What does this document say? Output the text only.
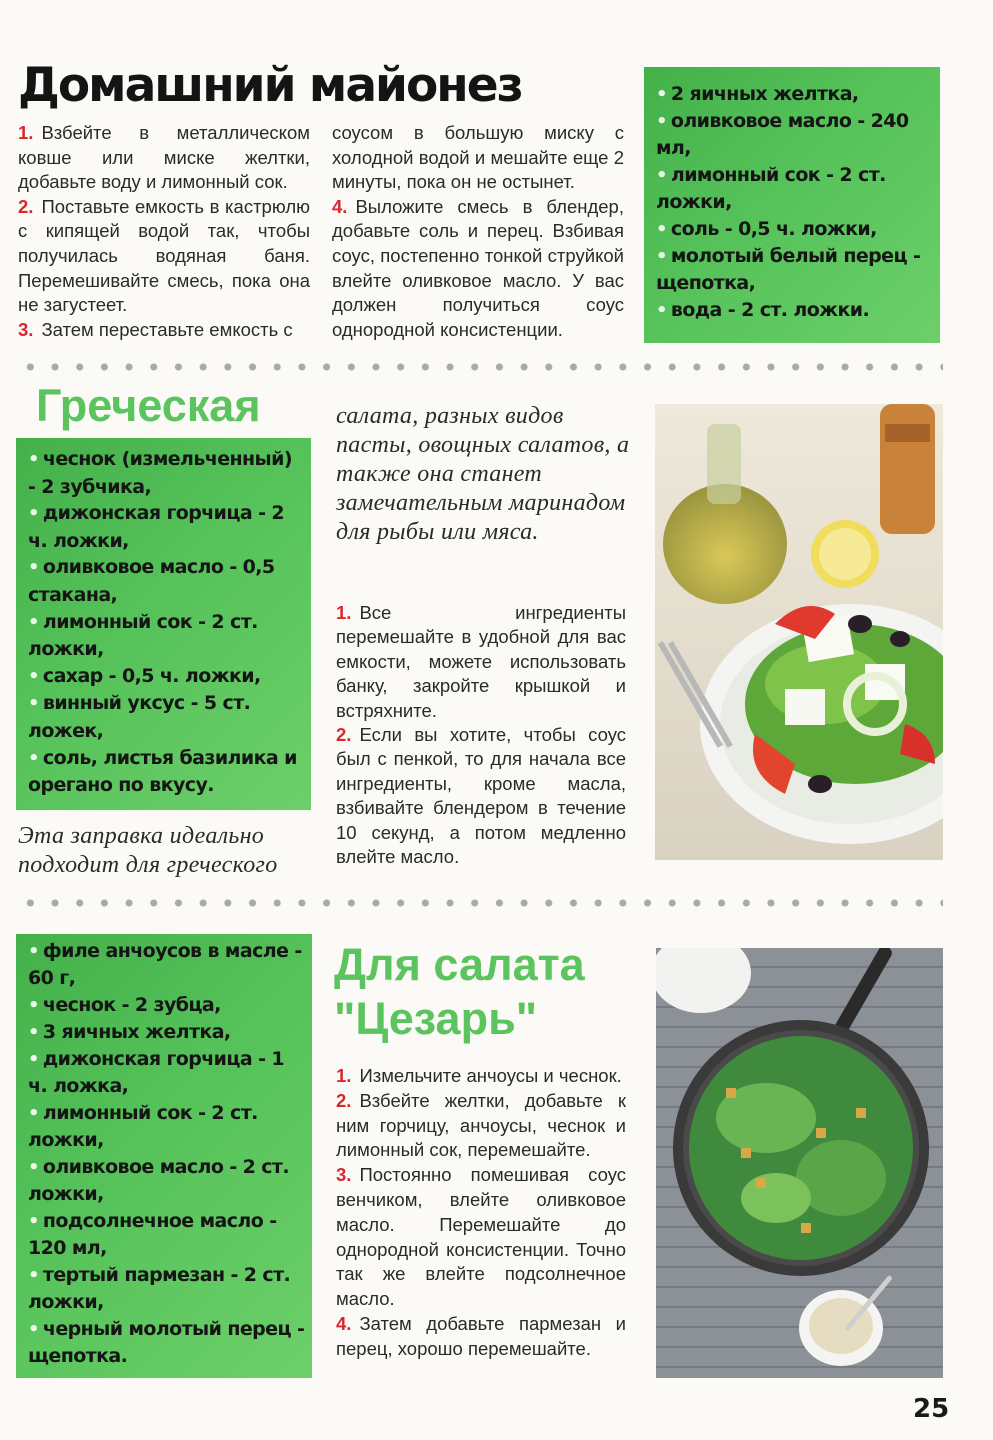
Домашний майонез

1. Взбейте в металлическом ковше или миске желтки, добавьте воду и лимонный сок.

2. Поставьте емкость в кастрюлю с кипящей водой так, чтобы получилась водяная баня. Перемешивайте смесь, пока она не загустеет.

3. Затем переставьте емкость с

соусом в большую миску с холодной водой и мешайте еще 2 минуты, пока он не остынет.

4. Выложите смесь в блендер, добавьте соль и перец. Взбивая соус, постепенно тонкой струйкой влейте оливковое масло. У вас должен получиться соус однородной консистенции.

• 2 яичных желтка,
• оливковое масло - 240 мл,
• лимонный сок - 2 ст. ложки,
• соль - 0,5 ч. ложки,
• молотый белый перец - щепотка,
• вода - 2 ст. ложки.
Греческая
• чеснок (измельченный) - 2 зубчика,
• дижонская горчица - 2 ч. ложки,
• оливковое масло - 0,5 стакана,
• лимонный сок - 2 ст. ложки,
• сахар - 0,5 ч. ложки,
• винный уксус - 5 ст. ложек,
• соль, листья базилика и орегано по вкусу.
Эта заправка идеально подходит для греческого
салата, разных видов пасты, овощных салатов, а также она станет замечательным маринадом для рыбы или мяса.

1. Все ингредиенты перемешайте в удобной для вас емкости, можете использовать банку, закройте крышкой и встряхните.

2. Если вы хотите, чтобы соус был с пенкой, то для начала все ингредиенты, кроме масла, взбивайте блендером в течение 10 секунд, а потом медленно влейте масло.

• филе анчоусов в масле - 60 г,
• чеснок - 2 зубца,
• 3 яичных желтка,
• дижонская горчица - 1 ч. ложка,
• лимонный сок - 2 ст. ложки,
• оливковое масло - 2 ст. ложки,
• подсолнечное масло - 120 мл,
• тертый пармезан - 2 ст. ложки,
• черный молотый перец - щепотка.
Для салата
"Цезарь"

1. Измельчите анчоусы и чеснок.

2. Взбейте желтки, добавьте к ним горчицу, анчоусы, чеснок и лимонный сок, перемешайте.

3. Постоянно помешивая соус венчиком, влейте оливковое масло. Перемешайте до однородной консистенции. Точно так же влейте подсолнечное масло.

4. Затем добавьте пармезан и перец, хорошо перемешайте.

25
